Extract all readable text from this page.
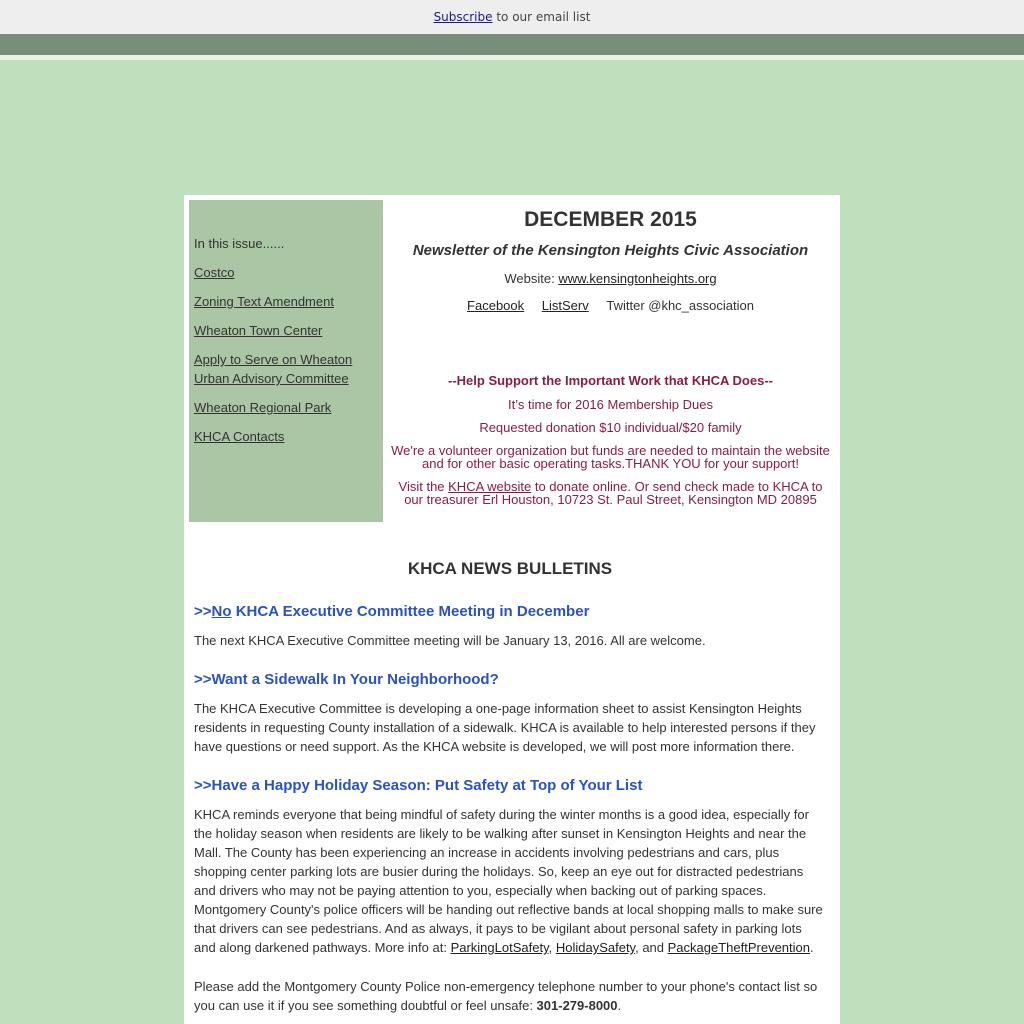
Subscribe to our email list

In this issue......

Costco
Zoning Text Amendment
Wheaton Town Center
Apply to Serve on Wheaton Urban Advisory Committee
Wheaton Regional Park
KHCA Contacts
DECEMBER 2015

Newsletter of the Kensington Heights Civic Association

Website: www.kensingtonheights.org

Facebook ListServ Twitter @khc_association

--Help Support the Important Work that KHCA Does--

It’s time for 2016 Membership Dues

Requested donation $10 individual/$20 family

We're a volunteer organization but funds are needed to maintain the website and for other basic operating tasks.THANK YOU for your support!

Visit the KHCA website to donate online. Or send check made to KHCA to our treasurer Erl Houston, 10723 St. Paul Street, Kensington MD 20895

KHCA NEWS BULLETINS
>>No KHCA Executive Committee Meeting in December

The next KHCA Executive Committee meeting will be January 13, 2016. All are welcome.

>>Want a Sidewalk In Your Neighborhood?

The KHCA Executive Committee is developing a one-page information sheet to assist Kensington Heights residents in requesting County installation of a sidewalk. KHCA is available to help interested persons if they have questions or need support. As the KHCA website is developed, we will post more information there.

>>Have a Happy Holiday Season: Put Safety at Top of Your List

KHCA reminds everyone that being mindful of safety during the winter months is a good idea, especially for the holiday season when residents are likely to be walking after sunset in Kensington Heights and near the Mall. The County has been experiencing an increase in accidents involving pedestrians and cars, plus shopping center parking lots are busier during the holidays. So, keep an eye out for distracted pedestrians and drivers who may not be paying attention to you, especially when backing out of parking spaces. Montgomery County's police officers will be handing out reflective bands at local shopping malls to make sure that drivers can see pedestrians. And as always, it pays to be vigilant about personal safety in parking lots and along darkened pathways. More info at: ParkingLotSafety, HolidaySafety, and PackageTheftPrevention.

Please add the Montgomery County Police non-emergency telephone number to your phone's contact list so you can use it if you see something doubtful or feel unsafe: 301-279-8000.
